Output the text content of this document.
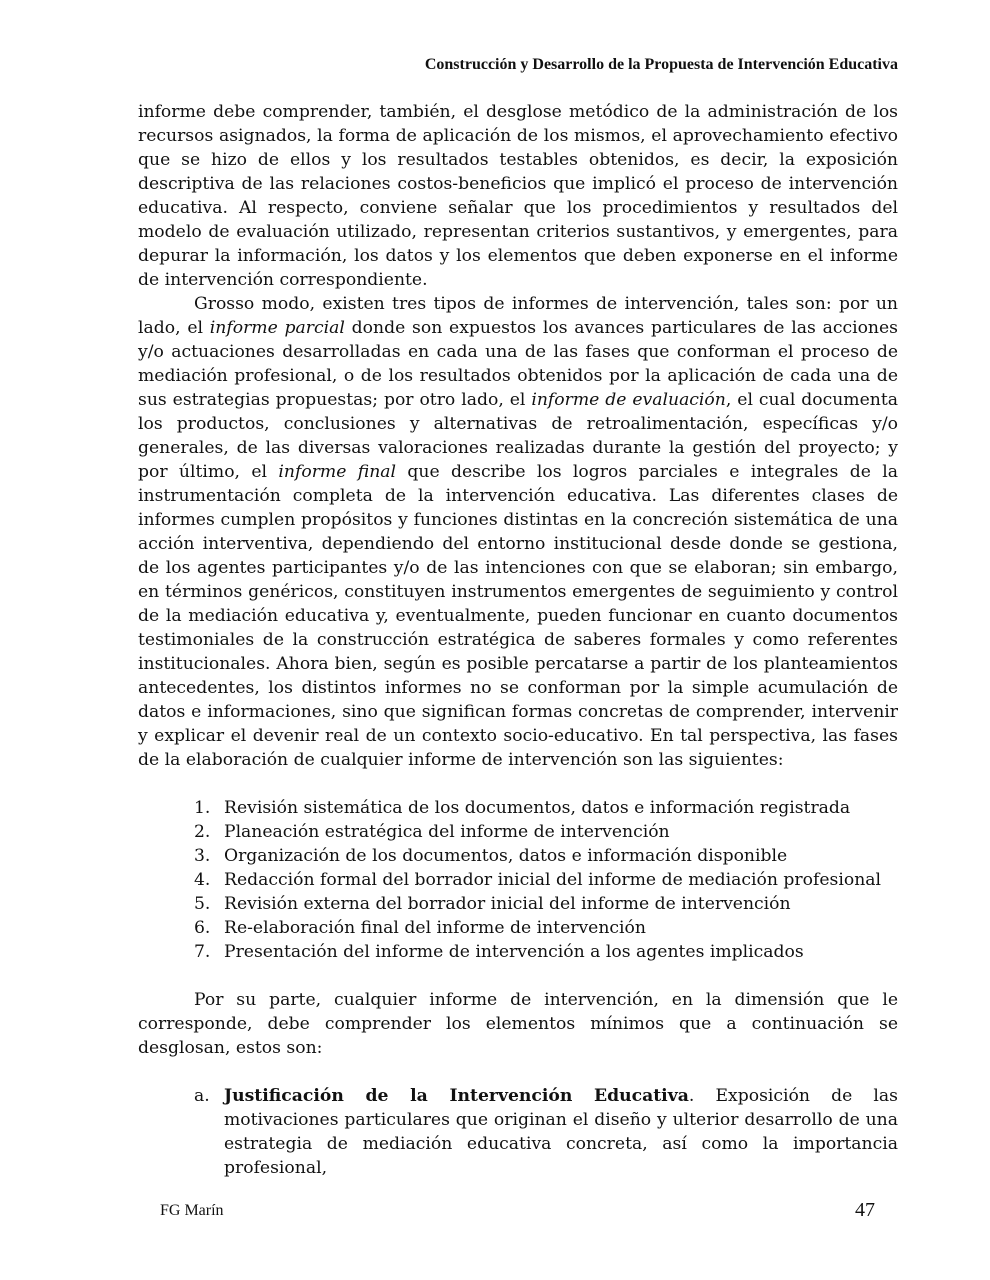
Construcción y Desarrollo de la Propuesta de Intervención Educativa

informe debe comprender, también, el desglose metódico de la administración de los recursos asignados, la forma de aplicación de los mismos, el aprovechamiento efectivo que se hizo de ellos y los resultados testables obtenidos, es decir, la exposición descriptiva de las relaciones costos-beneficios que implicó el proceso de intervención educativa. Al respecto, conviene señalar que los procedimientos y resultados del modelo de evaluación utilizado, representan criterios sustantivos, y emergentes, para depurar la información, los datos y los elementos que deben exponerse en el informe de intervención correspondiente.

Grosso modo, existen tres tipos de informes de intervención, tales son: por un lado, el informe parcial donde son expuestos los avances particulares de las acciones y/o actuaciones desarrolladas en cada una de las fases que conforman el proceso de mediación profesional, o de los resultados obtenidos por la aplicación de cada una de sus estrategias propuestas; por otro lado, el informe de evaluación, el cual documenta los productos, conclusiones y alternativas de retroalimentación, específicas y/o generales, de las diversas valoraciones realizadas durante la gestión del proyecto; y por último, el informe final que describe los logros parciales e integrales de la instrumentación completa de la intervención educativa. Las diferentes clases de informes cumplen propósitos y funciones distintas en la concreción sistemática de una acción interventiva, dependiendo del entorno institucional desde donde se gestiona, de los agentes participantes y/o de las intenciones con que se elaboran; sin embargo, en términos genéricos, constituyen instrumentos emergentes de seguimiento y control de la mediación educativa y, eventualmente, pueden funcionar en cuanto documentos testimoniales de la construcción estratégica de saberes formales y como referentes institucionales. Ahora bien, según es posible percatarse a partir de los planteamientos antecedentes, los distintos informes no se conforman por la simple acumulación de datos e informaciones, sino que significan formas concretas de comprender, intervenir y explicar el devenir real de un contexto socio-educativo. En tal perspectiva, las fases de la elaboración de cualquier informe de intervención son las siguientes:

1. Revisión sistemática de los documentos, datos e información registrada
2. Planeación estratégica del informe de intervención
3. Organización de los documentos, datos e información disponible
4. Redacción formal del borrador inicial del informe de mediación profesional
5. Revisión externa del borrador inicial del informe de intervención
6. Re-elaboración final del informe de intervención
7. Presentación del informe de intervención a los agentes implicados

Por su parte, cualquier informe de intervención, en la dimensión que le corresponde, debe comprender los elementos mínimos que a continuación se desglosan, estos son:

a. Justificación de la Intervención Educativa. Exposición de las motivaciones particulares que originan el diseño y ulterior desarrollo de una estrategia de mediación educativa concreta, así como la importancia profesional,
FG Marín	47
